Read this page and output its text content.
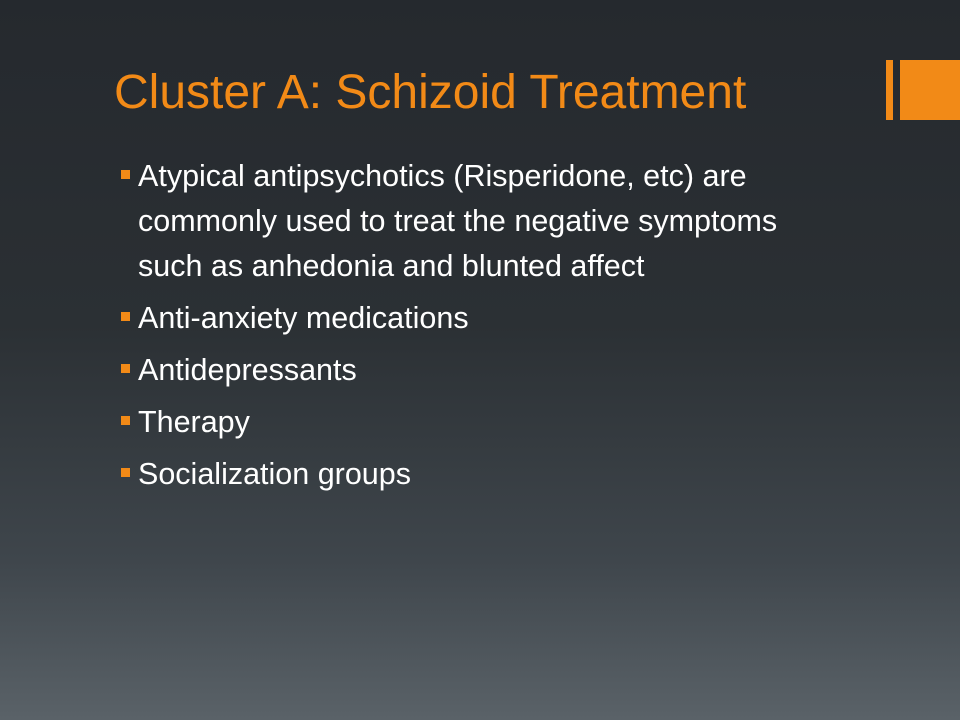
Cluster A: Schizoid Treatment
Atypical antipsychotics (Risperidone, etc) are commonly used to treat the negative symptoms such as anhedonia and blunted affect
Anti-anxiety medications
Antidepressants
Therapy
Socialization groups
